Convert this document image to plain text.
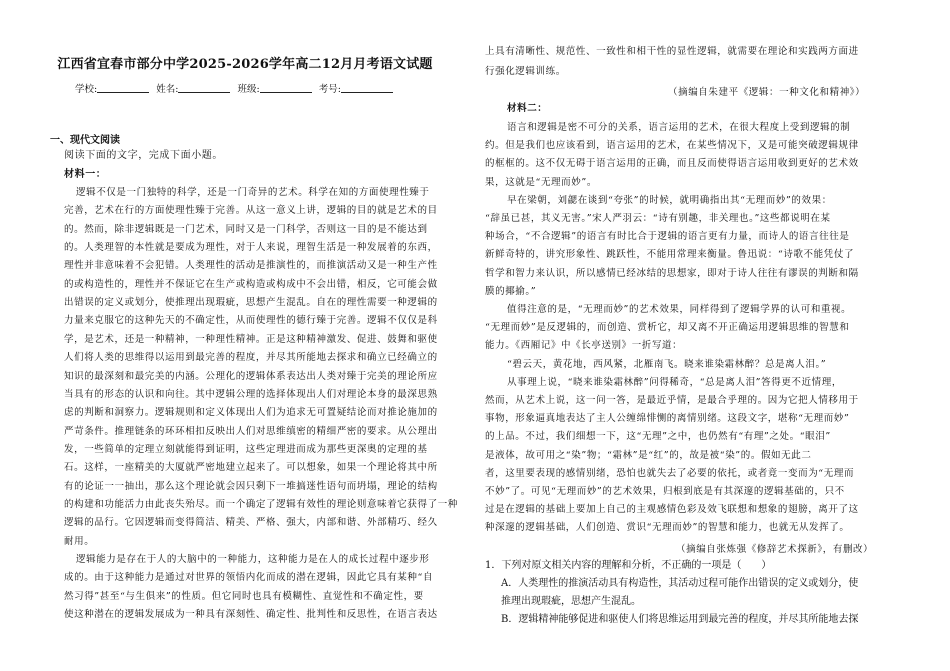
江西省宜春市部分中学2025-2026学年高二12月月考语文试题
学校:	姓名:	班级:	考号:
一、现代文阅读
阅读下面的文字，完成下面小题。
材料一：
逻辑不仅是一门独特的科学，还是一门奇异的艺术。科学在知的方面使理性臻于
完善，艺术在行的方面使理性臻于完善。从这一意义上讲，逻辑的目的就是艺术的目
的。然而，除非逻辑既是一门艺术，同时又是一门科学，否则这一目的是不能达到
的。人类理智的本性就是要成为理性，对于人来说，理智生活是一种发展着的东西，
理性并非意味着不会犯错。人类理性的活动是推演性的，而推演活动又是一种生产性
的或构造性的，理性并不保证它在生产或构造或构成中不会出错，相反，它可能会做
出错误的定义或划分，使推理出现瑕疵，思想产生混乱。自在的理性需要一种逻辑的
力量来克服它的这种先天的不确定性，从而使理性的德行臻于完善。逻辑不仅仅是科
学，是艺术，还是一种精神，一种理性精神。正是这种精神激发、促进、鼓舞和驱使
人们将人类的思维得以运用到最完善的程度，并尽其所能地去探求和确立已经确立的
知识的最深刻和最完美的内涵。公理化的逻辑体系表达出人类对臻于完美的理论所应
当具有的形态的认识和向往。其中逻辑公理的选择体现出人们对理论本身的最深思熟
虑的判断和洞察力。逻辑规则和定义体现出人们为追求无可置疑结论而对推论施加的
严苛条件。推理链条的环环相扣反映出人们对思维缜密的精细严密的要求。从公理出
发，一些简单的定理立刻就能得到证明，这些定理进而成为那些更深奥的定理的基
石。这样，一座精美的大厦就严密地建立起来了。可以想象，如果一个理论将其中所
有的论证一一抽出，那么这个理论就会因只剩下一堆搞迷性语句而坍塌，理论的结构
的构建和功能活力由此丧失殆尽。而一个确定了逻辑有效性的理论则意味着它获得了一种
逻辑的品行。它因逻辑而变得简洁、精美、严格、强大，内部和谐、外部精巧、经久
耐用。
逻辑能力是存在于人的大脑中的一种能力，这种能力是在人的成长过程中逐步形
成的。由于这种能力是通过对世界的领悟内化而成的潜在逻辑，因此它具有某种“自
然习得”甚至“与生俱来”的性质。但它同时也具有模糊性、直觉性和不确定性，要
使这种潜在的逻辑发展成为一种具有深刻性、确定性、批判性和反思性，在语言表达
上具有清晰性、规范性、一致性和相干性的显性逻辑，就需要在理论和实践两方面进
行强化逻辑训练。
（摘编自朱建平《逻辑：一种文化和精神》）
材料二：
语言和逻辑是密不可分的关系，语言运用的艺术，在很大程度上受到逻辑的制
约。但是我们也应该看到，语言运用的艺术，在某些情况下，又是可能突破逻辑规律
的框框的。这不仅无碍于语言运用的正确，而且反而使得语言运用收到更好的艺术效
果，这就是“无理而妙”。
早在梁朝，刘勰在谈到“夸张”的时候，就明确指出其“无理而妙”的效果：
“辞虽已甚，其义无害。”宋人严羽云：“诗有别趣，非关理也。”这些都说明在某
种场合，“不合逻辑”的语言有时比合于逻辑的语言更有力量，而诗人的语言往往是
新鲜奇特的，讲究形象性、跳跃性，不能用常理来衡量。鲁迅说：“诗歌不能凭仗了
哲学和智力来认识，所以感情已经冰结的思想家，即对于诗人往往有谬误的判断和隔
膜的揶揄。”
值得注意的是，“无理而妙”的艺术效果，同样得到了逻辑学界的认可和重视。
“无理而妙”是反逻辑的，而创造、赏析它，却又离不开正确运用逻辑思维的智慧和
能力。《西厢记》中《长亭送别》一折写道：
“碧云天，黄花地，西风紧，北雁南飞。晓来谁染霜林醉？总是离人泪。”
从事理上说，“晓来谁染霜林醉”问得稀奇，“总是离人泪”答得更不近情理，
然而，从艺术上说，这一问一答，是最近乎情，是最合乎理的。因为它把人情移用于
事物，形象逼真地表达了主人公缠绵悱恻的离情别绪。这段文字，堪称“无理而妙”
的上品。不过，我们细想一下，这“无理”之中，也仍然有“有理”之处。“眼泪”
是液体，故可用之“染”物；“霜林”是“红”的，故是被“染”的。假如无此二
者，这里要表现的感情别绪，恐怕也就失去了必要的依托，或者竟一变而为“无理而
不妙”了。可见“无理而妙”的艺术效果，归根到底是有其深邃的逻辑基础的，只不
过是在逻辑的基础上要加上自己的主观感情色彩及效飞联想和想象的翅膀，离开了这
种深邃的逻辑基础，人们创造、赏识“无理而妙”的智慧和能力，也就无从发挥了。
（摘编自张炼强《修辞艺术探新》，有删改）
1．下列对原文相关内容的理解和分析，不正确的一项是（　　）
A．人类理性的推演活动具有构造性，其活动过程可能作出错误的定义或划分，使
推理出现瑕疵，思想产生混乱。
B．逻辑精神能够促进和驱使人们将思维运用到最完善的程度，并尽其所能地去探
